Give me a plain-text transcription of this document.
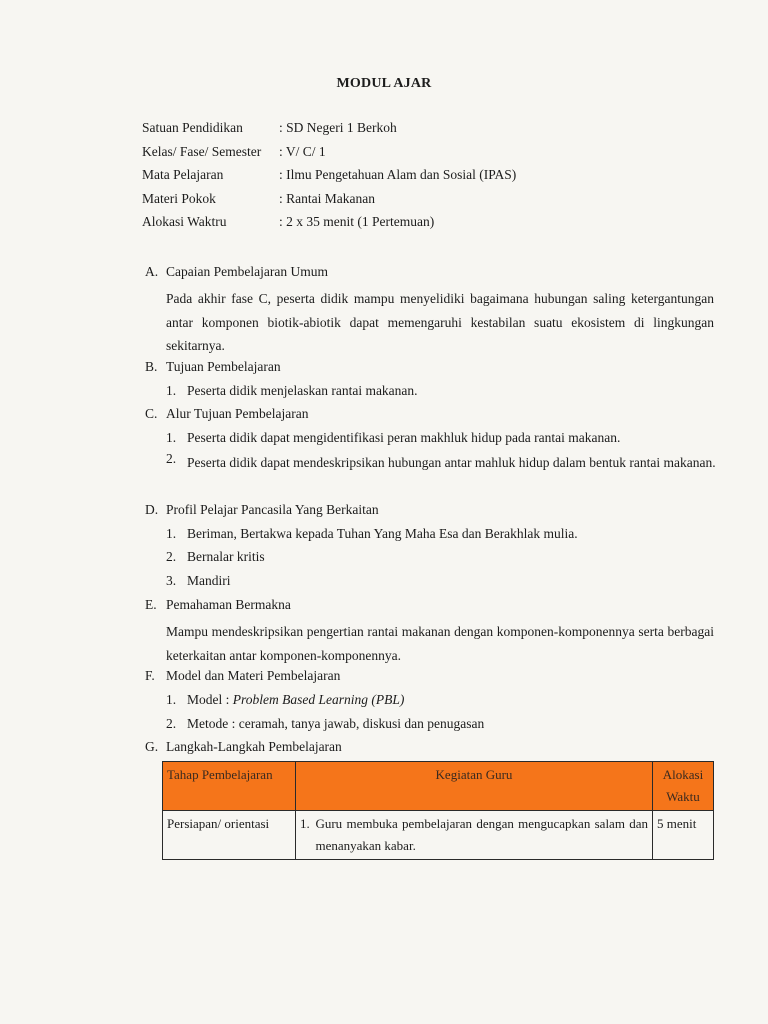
MODUL AJAR
Satuan Pendidikan	: SD Negeri 1 Berkoh
Kelas/ Fase/ Semester	: V/ C/ 1
Mata Pelajaran	: Ilmu Pengetahuan Alam dan Sosial (IPAS)
Materi Pokok	: Rantai Makanan
Alokasi Waktru	: 2 x 35 menit (1 Pertemuan)
A. Capaian Pembelajaran Umum
Pada akhir fase C, peserta didik mampu menyelidiki bagaimana hubungan saling ketergantungan antar komponen biotik-abiotik dapat memengaruhi kestabilan suatu ekosistem di lingkungan sekitarnya.
B. Tujuan Pembelajaran
1. Peserta didik menjelaskan rantai makanan.
C. Alur Tujuan Pembelajaran
1. Peserta didik dapat mengidentifikasi peran makhluk hidup pada rantai makanan.
2. Peserta didik dapat mendeskripsikan hubungan antar mahluk hidup dalam bentuk rantai makanan.
D. Profil Pelajar Pancasila Yang Berkaitan
1. Beriman, Bertakwa kepada Tuhan Yang Maha Esa dan Berakhlak mulia.
2. Bernalar kritis
3. Mandiri
E. Pemahaman Bermakna
Mampu mendeskripsikan pengertian rantai makanan dengan komponen-komponennya serta berbagai keterkaitan antar komponen-komponennya.
F. Model dan Materi Pembelajaran
1. Model : Problem Based Learning (PBL)
2. Metode : ceramah, tanya jawab, diskusi dan penugasan
G. Langkah-Langkah Pembelajaran
Tahap Pembelajaran	Kegiatan Guru	Alokasi Waktu
Persiapan/ orientasi	1. Guru membuka pembelajaran dengan mengucapkan salam dan menanyakan kabar.	5 menit
